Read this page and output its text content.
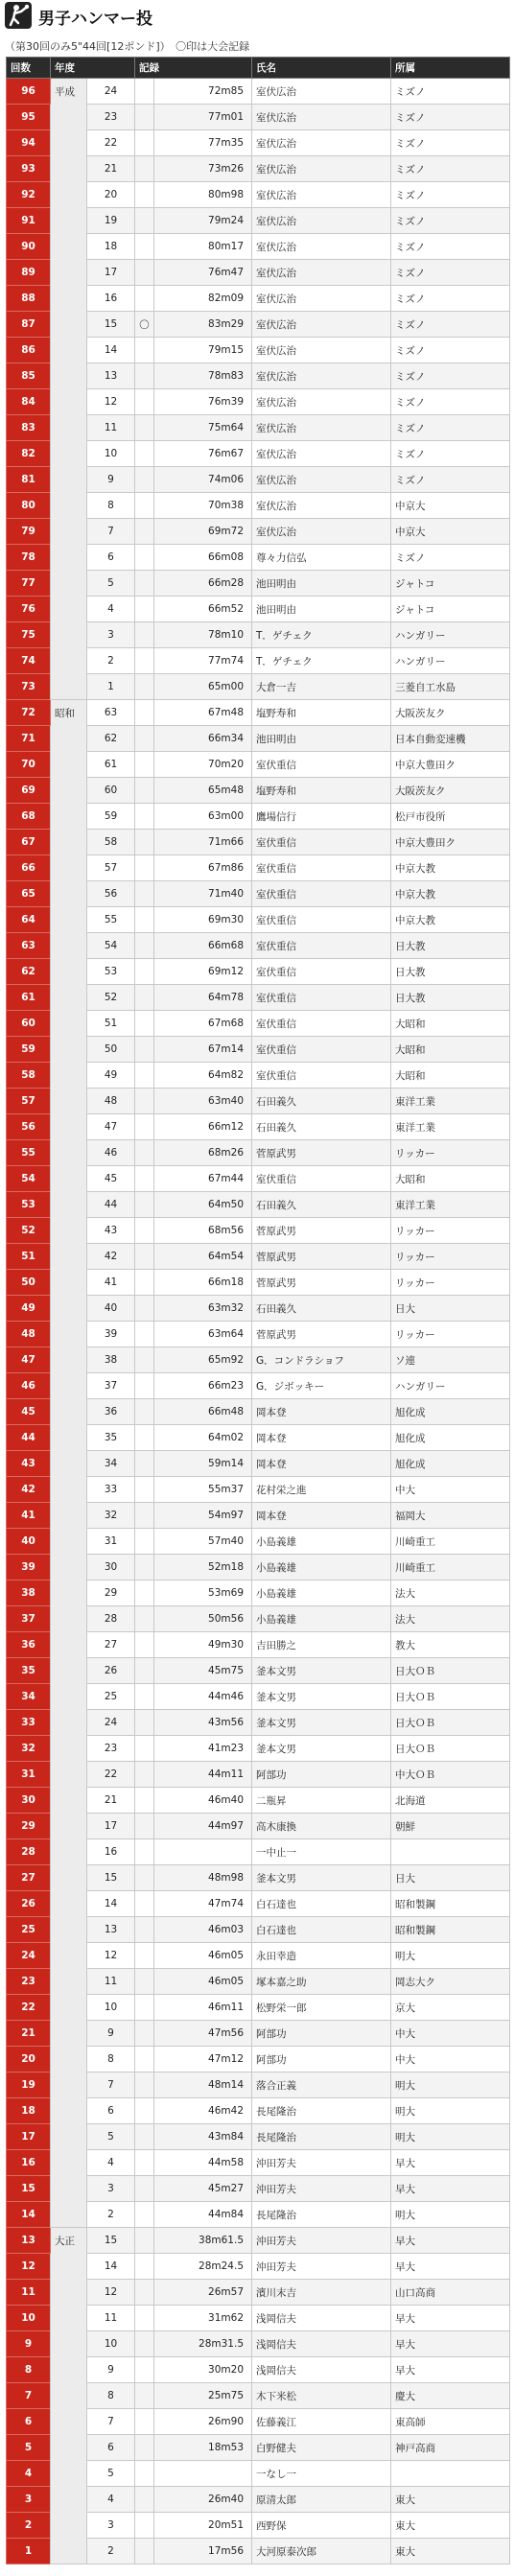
男子ハンマー投
（第30回のみ5"44回[12ポンド]）　〇印は大会記録
回数	年度		記録		氏名	所属
96	平成	24		72m85	室伏広治	ミズノ
95		23		77m01	室伏広治	ミズノ
94		22		77m35	室伏広治	ミズノ
93		21		73m26	室伏広治	ミズノ
92		20		80m98	室伏広治	ミズノ
91		19		79m24	室伏広治	ミズノ
90		18		80m17	室伏広治	ミズノ
89		17		76m47	室伏広治	ミズノ
88		16		82m09	室伏広治	ミズノ
87		15	〇	83m29	室伏広治	ミズノ
86		14		79m15	室伏広治	ミズノ
85		13		78m83	室伏広治	ミズノ
84		12		76m39	室伏広治	ミズノ
83		11		75m64	室伏広治	ミズノ
82		10		76m67	室伏広治	ミズノ
81		9		74m06	室伏広治	ミズノ
80		8		70m38	室伏広治	中京大
79		7		69m72	室伏広治	中京大
78		6		66m08	尊々力信弘	ミズノ
77		5		66m28	池田明由	ジャトコ
76		4		66m52	池田明由	ジャトコ
75		3		78m10	T．ゲチェク	ハンガリー
74		2		77m74	T．ゲチェク	ハンガリー
73		1		65m00	大倉一吉	三菱自工水島
72	昭和	63		67m48	塩野寿和	大阪茨友ク
71		62		66m34	池田明由	日本自動変速機
70		61		70m20	室伏重信	中京大豊田ク
69		60		65m48	塩野寿和	大阪茨友ク
68		59		63m00	鷹場信行	松戸市役所
67		58		71m66	室伏重信	中京大豊田ク
66		57		67m86	室伏重信	中京大教
65		56		71m40	室伏重信	中京大教
64		55		69m30	室伏重信	中京大教
63		54		66m68	室伏重信	日大教
62		53		69m12	室伏重信	日大教
61		52		64m78	室伏重信	日大教
60		51		67m68	室伏重信	大昭和
59		50		67m14	室伏重信	大昭和
58		49		64m82	室伏重信	大昭和
57		48		63m40	石田義久	東洋工業
56		47		66m12	石田義久	東洋工業
55		46		68m26	菅原武男	リッカー
54		45		67m44	室伏重信	大昭和
53		44		64m50	石田義久	東洋工業
52		43		68m56	菅原武男	リッカー
51		42		64m54	菅原武男	リッカー
50		41		66m18	菅原武男	リッカー
49		40		63m32	石田義久	日大
48		39		63m64	菅原武男	リッカー
47		38		65m92	G．コンドラショフ	ソ連
46		37		66m23	G．ジボッキー	ハンガリー
45		36		66m48	岡本登	旭化成
44		35		64m02	岡本登	旭化成
43		34		59m14	岡本登	旭化成
42		33		55m37	花村栄之進	中大
41		32		54m97	岡本登	福岡大
40		31		57m40	小島義雄	川崎重工
39		30		52m18	小島義雄	川崎重工
38		29		53m69	小島義雄	法大
37		28		50m56	小島義雄	法大
36		27		49m30	吉田勝之	教大
35		26		45m75	釜本文男	日大ＯＢ
34		25		44m46	釜本文男	日大ＯＢ
33		24		43m56	釜本文男	日大ＯＢ
32		23		41m23	釜本文男	日大ＯＢ
31		22		44m11	阿部功	中大ＯＢ
30		21		46m40	二瓶昇	北海道
29		17		44m97	高木康換	朝鮮
28		16			一中止一	
27		15		48m98	釜本文男	日大
26		14		47m74	白石達也	昭和製鋼
25		13		46m03	白石達也	昭和製鋼
24		12		46m05	永田幸造	明大
23		11		46m05	塚本嘉之助	岡志大ク
22		10		46m11	松野栄一郎	京大
21		9		47m56	阿部功	中大
20		8		47m12	阿部功	中大
19		7		48m14	落合正義	明大
18		6		46m42	長尾隆治	明大
17		5		43m84	長尾隆治	明大
16		4		44m58	沖田芳夫	早大
15		3		45m27	沖田芳夫	早大
14		2		44m84	長尾隆治	明大
13	大正	15		38m61.5	沖田芳夫	早大
12		14		28m24.5	沖田芳夫	早大
11		12		26m57	濱川末吉	山口高商
10		11		31m62	浅岡信夫	早大
9		10		28m31.5	浅岡信夫	早大
8		9		30m20	浅岡信夫	早大
7		8		25m75	木下米松	慶大
6		7		26m90	佐藤義江	東高師
5		6		18m53	白野健夫	神戸高商
4		5			一なし一	
3		4		26m40	原清太郎	東大
2		3		20m51	西野保	東大
1		2		17m56	大河原泰次郎	東大
